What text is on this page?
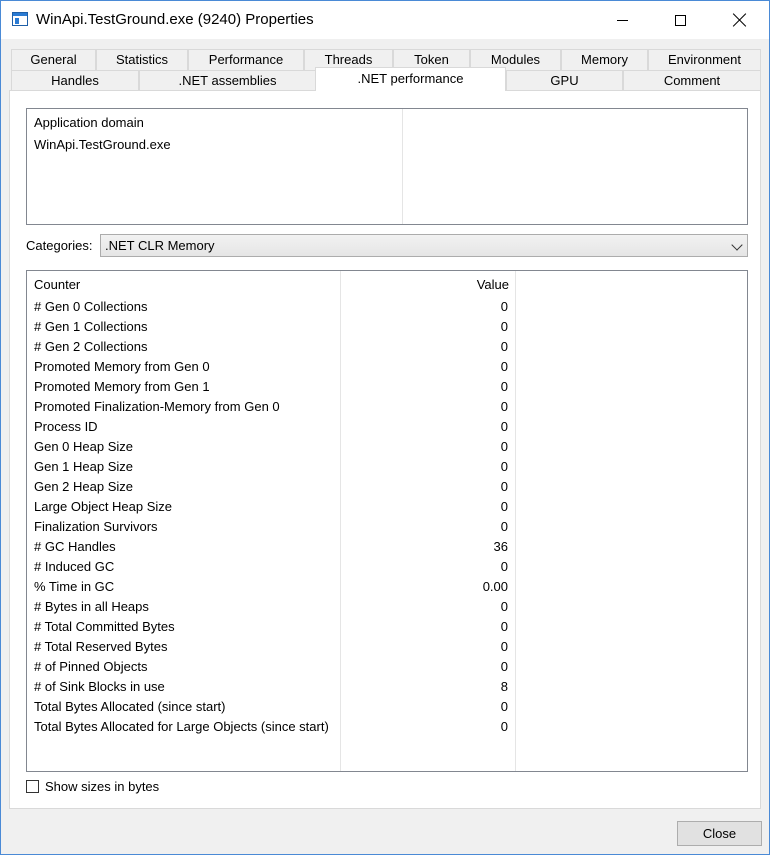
WinApi.TestGround.exe (9240) Properties
General	Statistics	Performance	Threads	Token	Modules	Memory	Environment
Handles	.NET assemblies	.NET performance	GPU	Comment
Application domain
WinApi.TestGround.exe
Categories: .NET CLR Memory
Counter	Value
# Gen 0 Collections	0
# Gen 1 Collections	0
# Gen 2 Collections	0
Promoted Memory from Gen 0	0
Promoted Memory from Gen 1	0
Promoted Finalization-Memory from Gen 0	0
Process ID	0
Gen 0 Heap Size	0
Gen 1 Heap Size	0
Gen 2 Heap Size	0
Large Object Heap Size	0
Finalization Survivors	0
# GC Handles	36
# Induced GC	0
% Time in GC	0.00
# Bytes in all Heaps	0
# Total Committed Bytes	0
# Total Reserved Bytes	0
# of Pinned Objects	0
# of Sink Blocks in use	8
Total Bytes Allocated (since start)	0
Total Bytes Allocated for Large Objects (since start)	0
Show sizes in bytes
Close
